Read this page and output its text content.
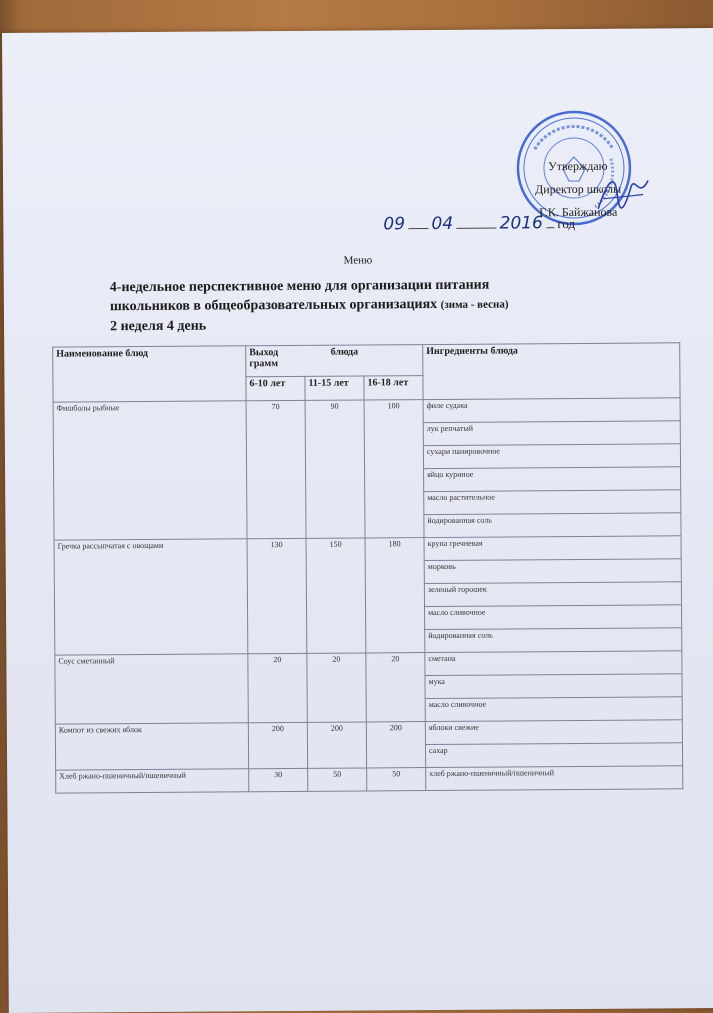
Утверждаю
Директор школы
Г.К. Байжанова
09 04	2016 год
Меню
4-недельное перспективное меню для организации питания
школьников в общеобразовательных организациях (зима - весна)
2 неделя 4 день
Наименование блюд	Выход блюда грамм			Ингредиенты блюда
	6-10 лет	11-15 лет	16-18 лет	
Фишболы рыбные	70	90	100	филе судака
				лук репчатый
				сухари панировочное
				яйцо куриное
				масло растительное
				йодированная соль
Гречка рассыпчатая с овощами	130	150	180	крупа гречневая
				морковь
				зеленый горошек
				масло сливочное
				йодированная соль
Соус сметанный	20	20	20	сметана
				мука
				масло сливочное
Компот из свежих яблок	200	200	200	яблоки свежие
				сахар
Хлеб ржано-пшеничный/пшеничный	30	50	50	хлеб ржано-пшеничный/пшеничный
